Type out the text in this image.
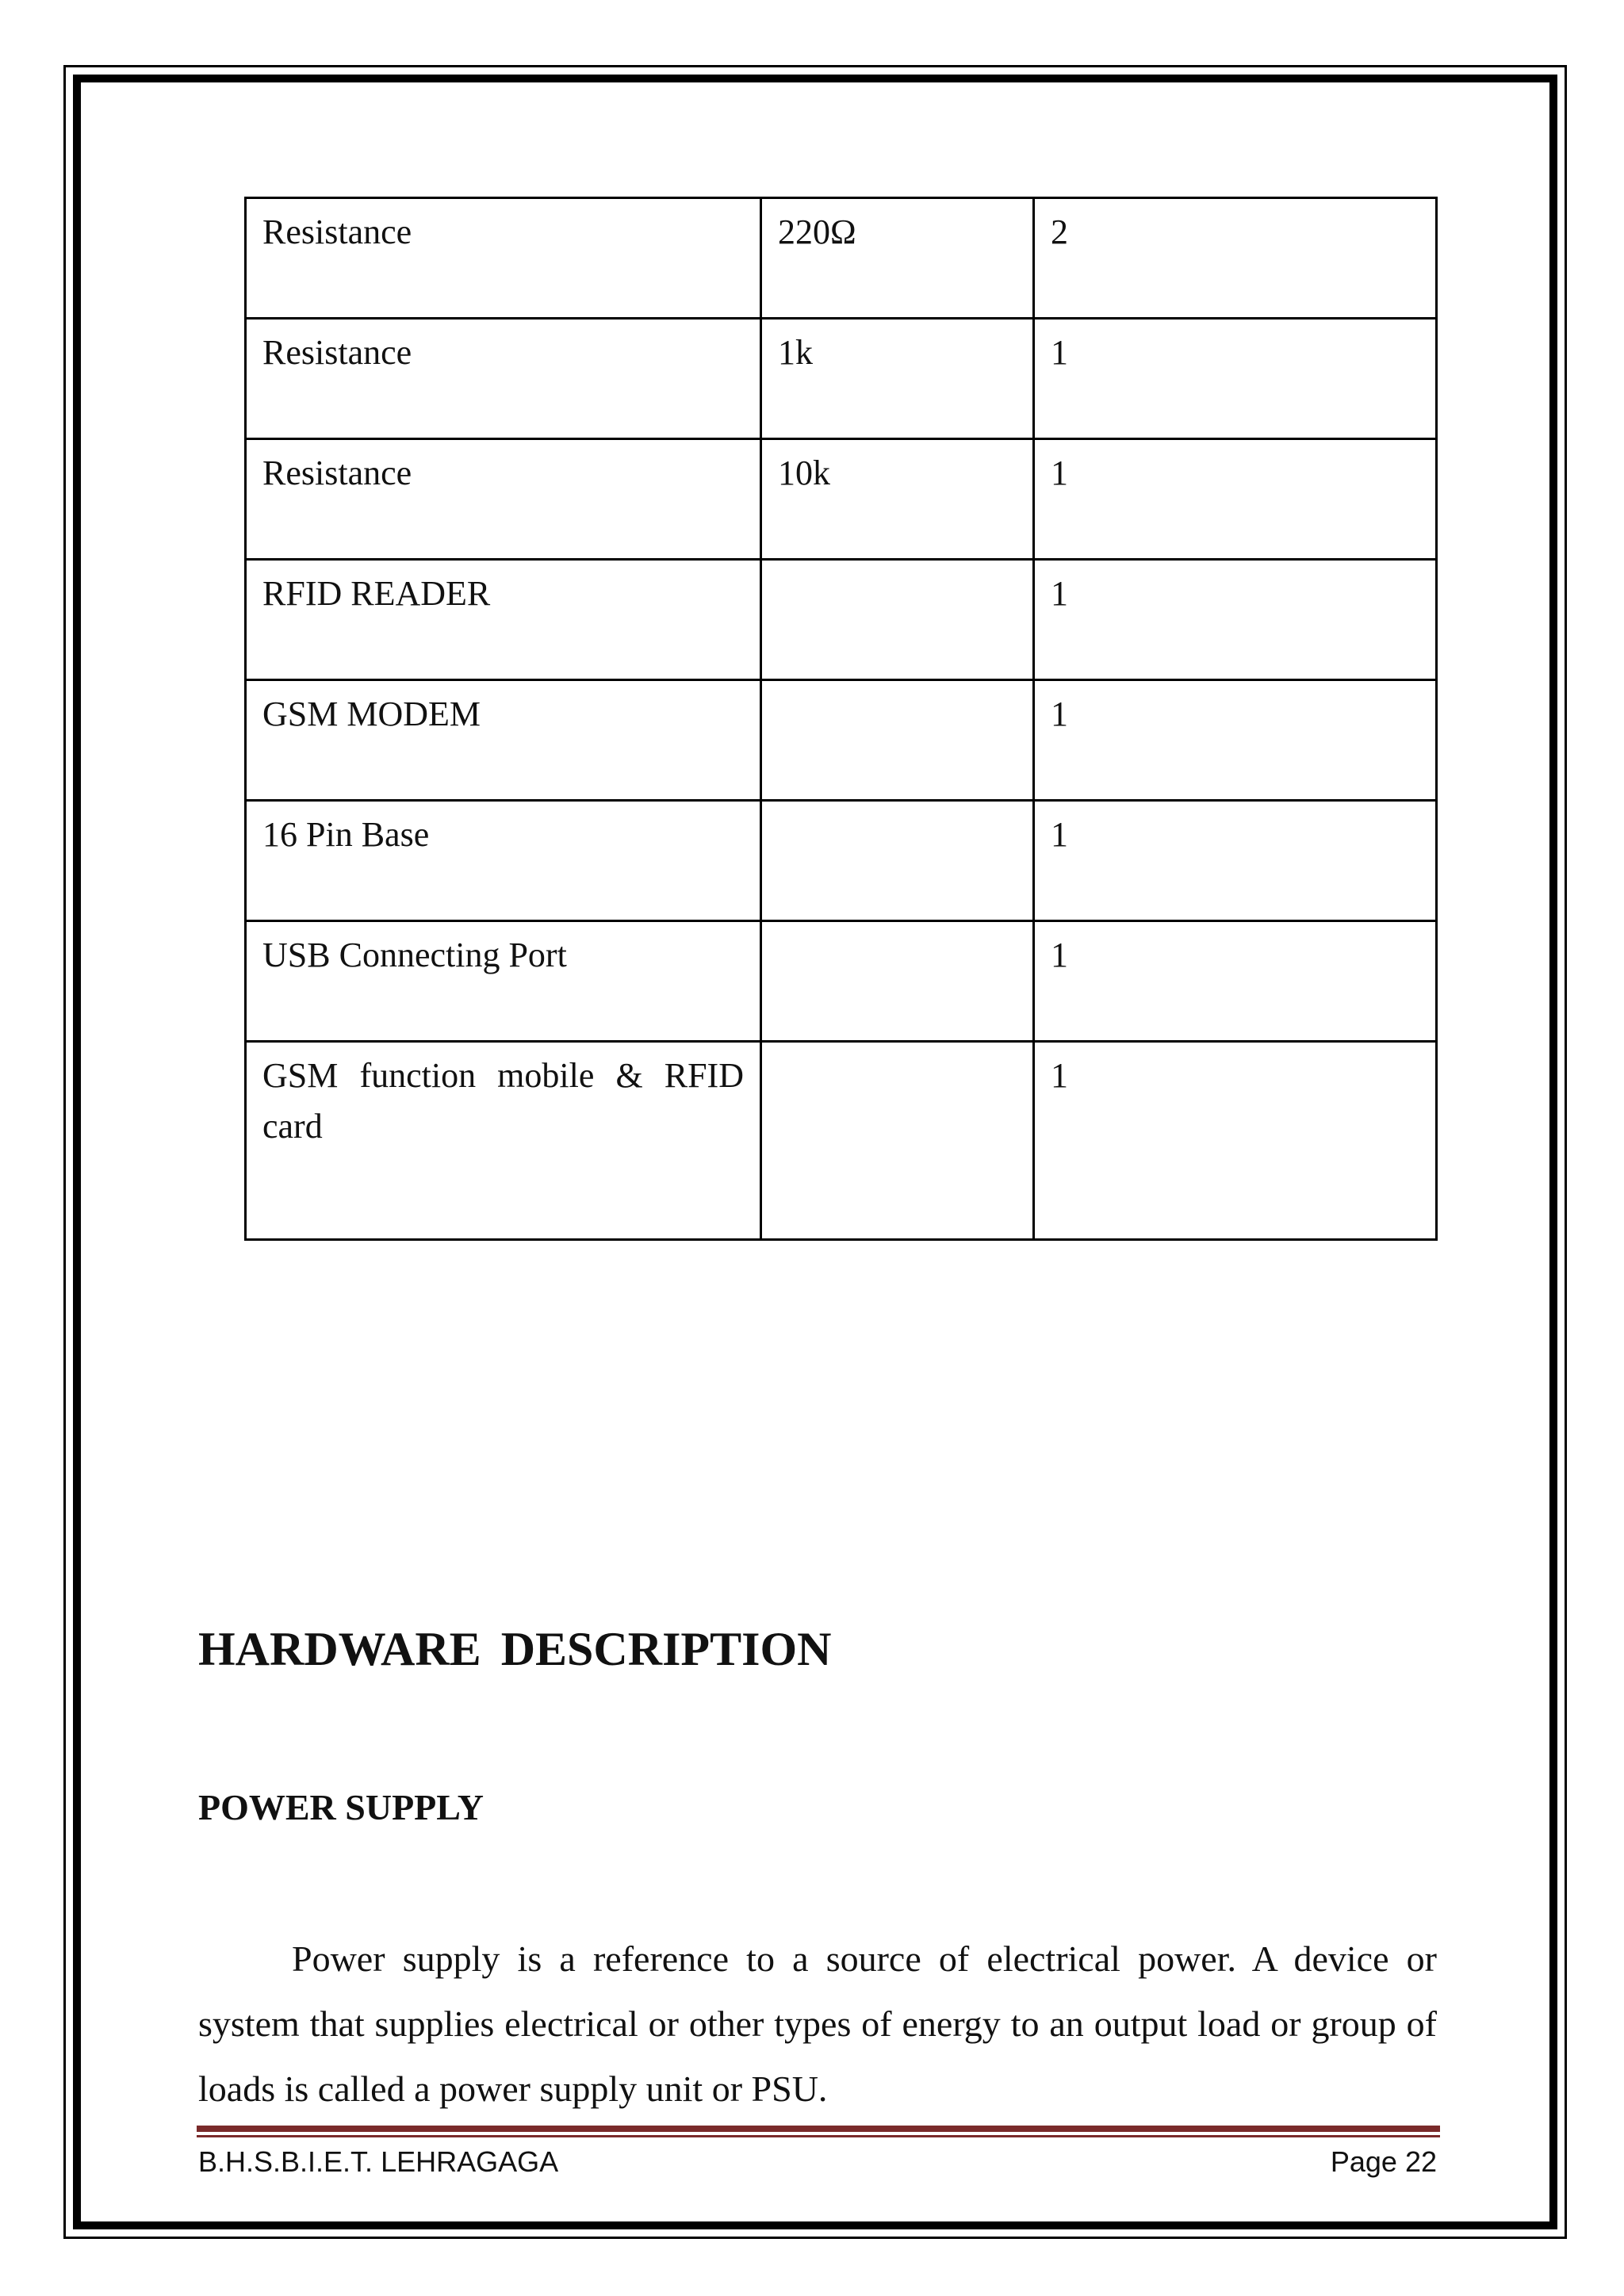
Resistance	220Ω	2
Resistance	1k	1
Resistance	10k	1
RFID READER		1
GSM MODEM		1
16 Pin Base		1
USB Connecting Port		1
GSM function mobile & RFID card		1
HARDWARE DESCRIPTION
POWER SUPPLY

Power supply is a reference to a source of electrical power. A device or system that supplies electrical or other types of energy to an output load or group of loads is called a power supply unit or PSU.

B.H.S.B.I.E.T. LEHRAGAGA	Page 22
